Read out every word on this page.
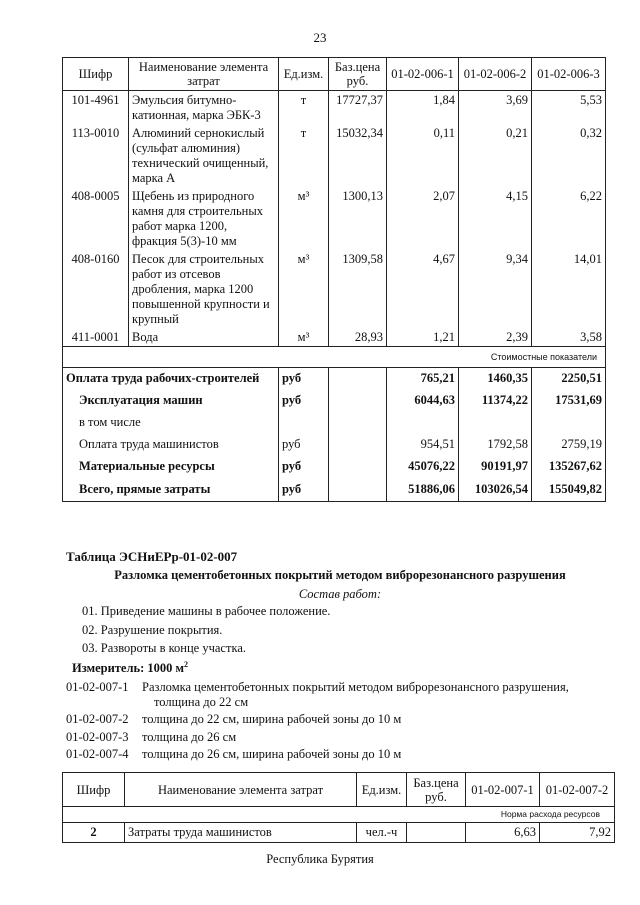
23
Шифр	Наименование элемента затрат	Ед.изм.	Баз.цена руб.	01-02-006-1	01-02-006-2	01-02-006-3
101-4961	Эмульсия битумно-катионная, марка ЭБК-3	т	17727,37	1,84	3,69	5,53
113-0010	Алюминий сернокислый (сульфат алюминия) технический очищенный, марка А	т	15032,34	0,11	0,21	0,32
408-0005	Щебень из природного камня для строительных работ марка 1200, фракция 5(3)-10 мм	м³	1300,13	2,07	4,15	6,22
408-0160	Песок для строительных работ из отсевов дробления, марка 1200 повышенной крупности и крупный	м³	1309,58	4,67	9,34	14,01
411-0001	Вода	м³	28,93	1,21	2,39	3,58
Стоимостные показатели						
Оплата труда рабочих-строителей		руб		765,21	1460,35	2250,51
Эксплуатация машин		руб		6044,63	11374,22	17531,69
в том числе						
Оплата труда машинистов		руб		954,51	1792,58	2759,19
Материальные ресурсы		руб		45076,22	90191,97	135267,62
Всего, прямые затраты		руб		51886,06	103026,54	155049,82
Таблица ЭСНиЕРр-01-02-007
Разломка цементобетонных покрытий методом виброрезонансного разрушения
Состав работ:
01. Приведение машины в рабочее положение.
02. Разрушение покрытия.
03. Развороты в конце участка.
Измеритель: 1000 $м^2$
01-02-007-1 Разломка цементобетонных покрытий методом виброрезонансного разрушения,
толщина до 22 см
01-02-007-2 толщина до 22 см, ширина рабочей зоны до 10 м
01-02-007-3 толщина до 26 см
01-02-007-4 толщина до 26 см, ширина рабочей зоны до 10 м
Шифр	Наименование элемента затрат	Ед.изм.	Баз.цена руб.	01-02-007-1	01-02-007-2
Норма расхода ресурсов					
2	Затраты труда машинистов	чел.-ч		6,63	7,92
Республика Бурятия
